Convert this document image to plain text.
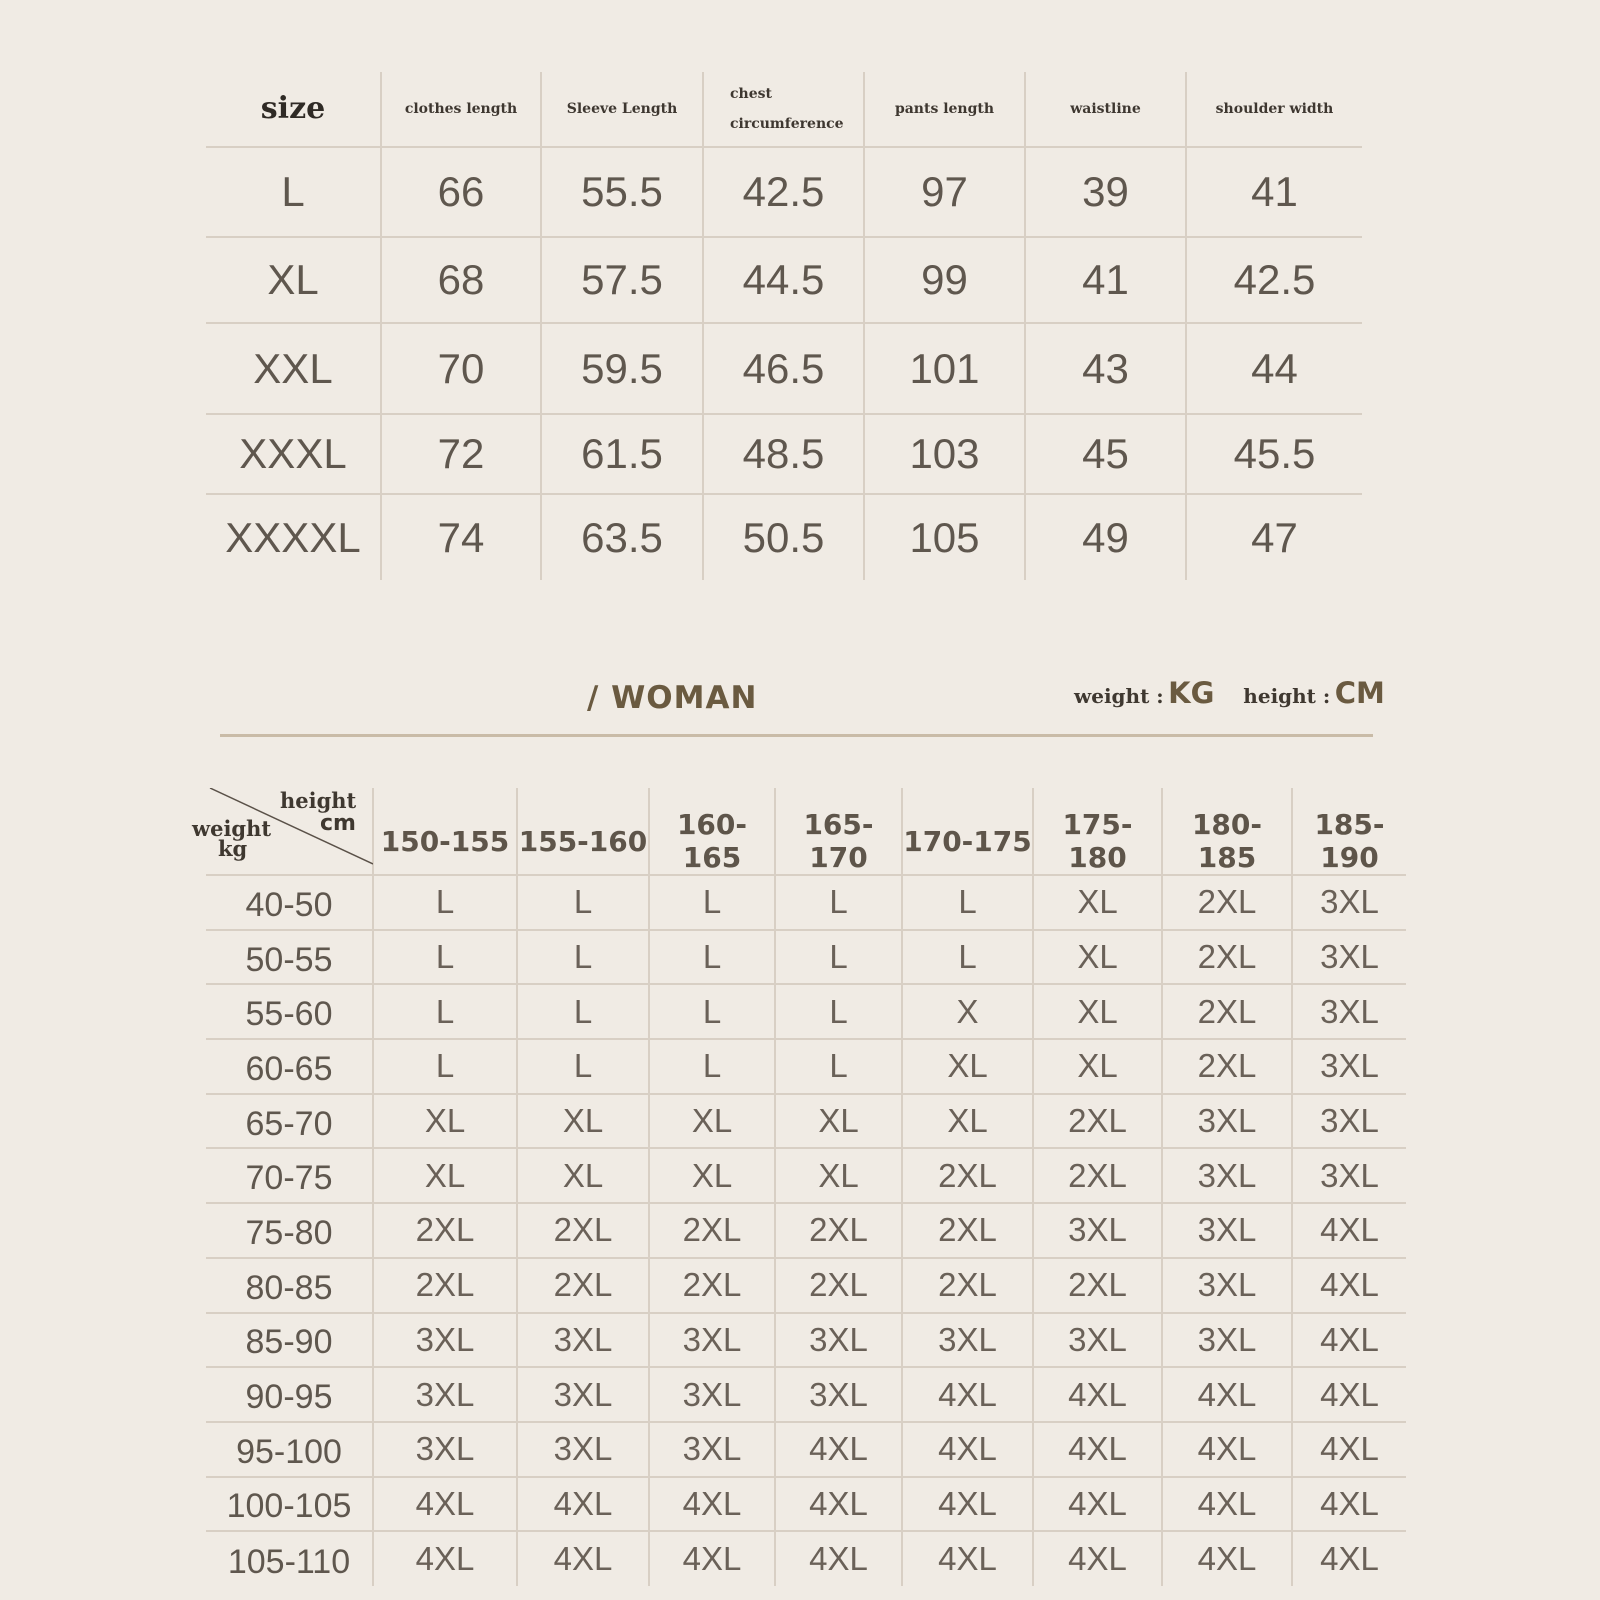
size	clothes length	Sleeve Length	chest circumference	pants length	waistline	shoulder width
L	66	55.5	42.5	97	39	41
XL	68	57.5	44.5	99	41	42.5
XXL	70	59.5	46.5	101	43	44
XXXL	72	61.5	48.5	103	45	45.5
XXXXL	74	63.5	50.5	105	49	47
/ WOMAN	weight : KG height : CM
height
cm
weight
kg	150-155	155-160	160-165	165-170	170-175	175-180	180-185	185-190
40-50	L	L	L	L	L	XL	2XL	3XL
50-55	L	L	L	L	L	XL	2XL	3XL
55-60	L	L	L	L	X	XL	2XL	3XL
60-65	L	L	L	L	XL	XL	2XL	3XL
65-70	XL	XL	XL	XL	XL	2XL	3XL	3XL
70-75	XL	XL	XL	XL	2XL	2XL	3XL	3XL
75-80	2XL	2XL	2XL	2XL	2XL	3XL	3XL	4XL
80-85	2XL	2XL	2XL	2XL	2XL	2XL	3XL	4XL
85-90	3XL	3XL	3XL	3XL	3XL	3XL	3XL	4XL
90-95	3XL	3XL	3XL	3XL	4XL	4XL	4XL	4XL
95-100	3XL	3XL	3XL	4XL	4XL	4XL	4XL	4XL
100-105	4XL	4XL	4XL	4XL	4XL	4XL	4XL	4XL
105-110	4XL	4XL	4XL	4XL	4XL	4XL	4XL	4XL
